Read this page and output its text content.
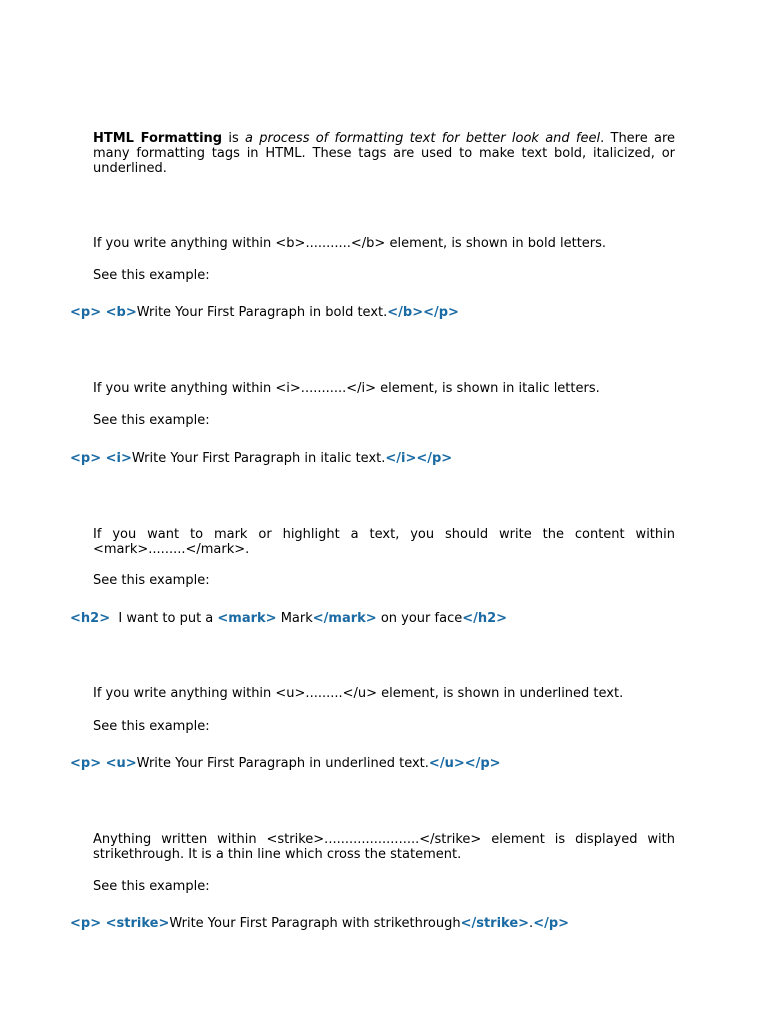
HTML Formatting is a process of formatting text for better look and feel. There are many formatting tags in HTML. These tags are used to make text bold, italicized, or underlined.

If you write anything within <b>...........</b> element, is shown in bold letters.

See this example:

<p> <b>Write Your First Paragraph in bold text.</b></p>

If you write anything within <i>...........</i> element, is shown in italic letters.

See this example:

<p> <i>Write Your First Paragraph in italic text.</i></p>

If you want to mark or highlight a text, you should write the content within <mark>.........</mark>.

See this example:

<h2>  I want to put a <mark> Mark</mark> on your face</h2>

If you write anything within <u>.........</u> element, is shown in underlined text.

See this example:

<p> <u>Write Your First Paragraph in underlined text.</u></p>

Anything written within <strike>.......................</strike> element is displayed with strikethrough. It is a thin line which cross the statement.

See this example:

<p> <strike>Write Your First Paragraph with strikethrough</strike>.</p>
